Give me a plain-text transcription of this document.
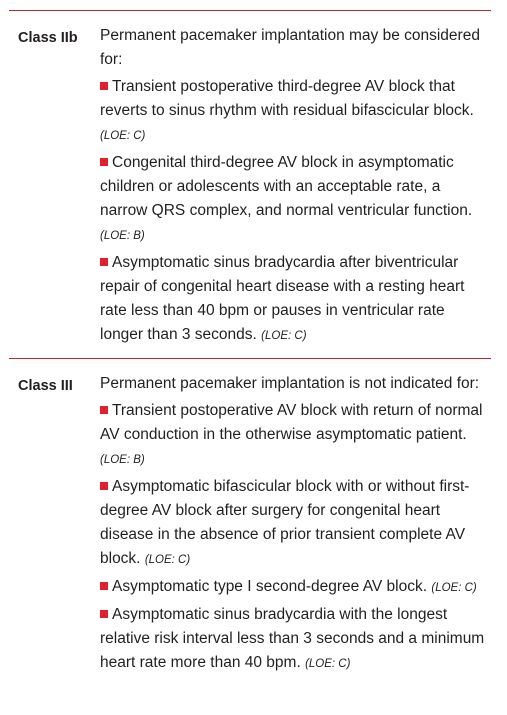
Class IIb Permanent pacemaker implantation may be considered for:
Transient postoperative third-degree AV block that reverts to sinus rhythm with residual bifascicular block. (LOE: C)
Congenital third-degree AV block in asymptomatic children or adolescents with an acceptable rate, a narrow QRS complex, and normal ventricular function. (LOE: B)
Asymptomatic sinus bradycardia after biventricular repair of congenital heart disease with a resting heart rate less than 40 bpm or pauses in ventricular rate longer than 3 seconds. (LOE: C)
Class III Permanent pacemaker implantation is not indicated for:
Transient postoperative AV block with return of normal AV conduction in the otherwise asymptomatic patient. (LOE: B)
Asymptomatic bifascicular block with or without first-degree AV block after surgery for congenital heart disease in the absence of prior transient complete AV block. (LOE: C)
Asymptomatic type I second-degree AV block. (LOE: C)
Asymptomatic sinus bradycardia with the longest relative risk interval less than 3 seconds and a minimum heart rate more than 40 bpm. (LOE: C)
